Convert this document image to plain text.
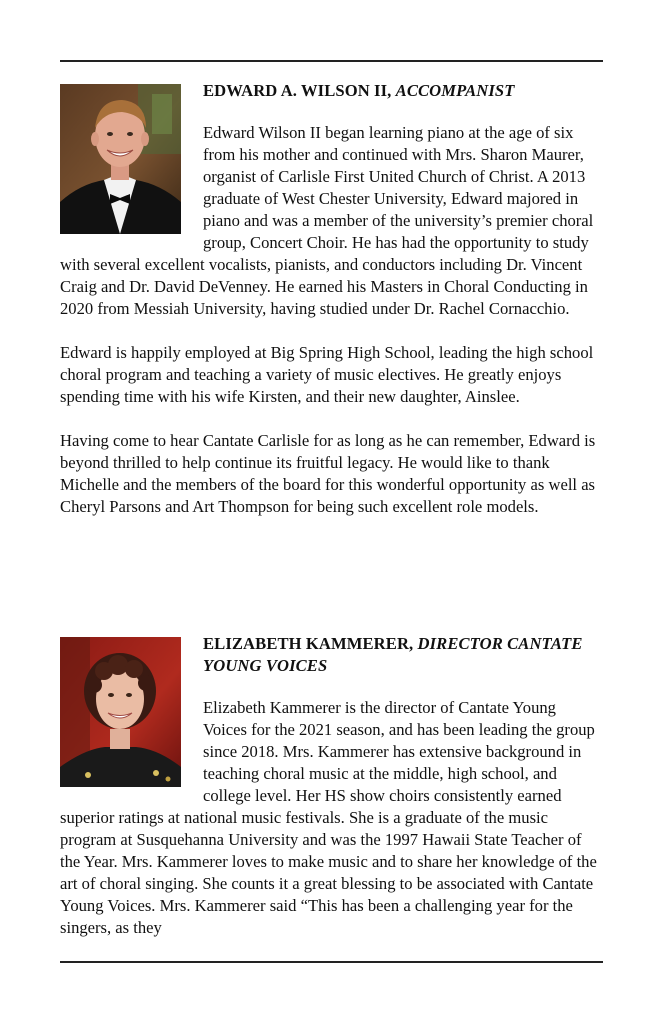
EDWARD A. WILSON II, ACCOMPANIST

Edward Wilson II began learning piano at the age of six from his mother and continued with Mrs. Sharon Maurer, organist of Carlisle First United Church of Christ. A 2013 graduate of West Chester University, Edward majored in piano and was a member of the university’s premier choral group, Concert Choir. He has had the opportunity to study with several excellent vocalists, pianists, and conductors including Dr. Vincent Craig and Dr. David DeVenney. He earned his Masters in Choral Conducting in 2020 from Messiah University, having studied under Dr. Rachel Cornacchio.

Edward is happily employed at Big Spring High School, leading the high school choral program and teaching a variety of music electives. He greatly enjoys spending time with his wife Kirsten, and their new daughter, Ainslee.

Having come to hear Cantate Carlisle for as long as he can remember, Edward is beyond thrilled to help continue its fruitful legacy. He would like to thank Michelle and the members of the board for this wonderful opportunity as well as Cheryl Parsons and Art Thompson for being such excellent role models.

ELIZABETH KAMMERER, DIRECTOR CANTATE YOUNG VOICES

Elizabeth Kammerer is the director of Cantate Young Voices for the 2021 season, and has been leading the group since 2018. Mrs. Kammerer has extensive background in teaching choral music at the middle, high school, and college level. Her HS show choirs consistently earned superior ratings at national music festivals. She is a graduate of the music program at Susquehanna University and was the 1997 Hawaii State Teacher of the Year. Mrs. Kammerer loves to make music and to share her knowledge of the art of choral singing. She counts it a great blessing to be associated with Cantate Young Voices. Mrs. Kammerer said “This has been a challenging year for the singers, as they
